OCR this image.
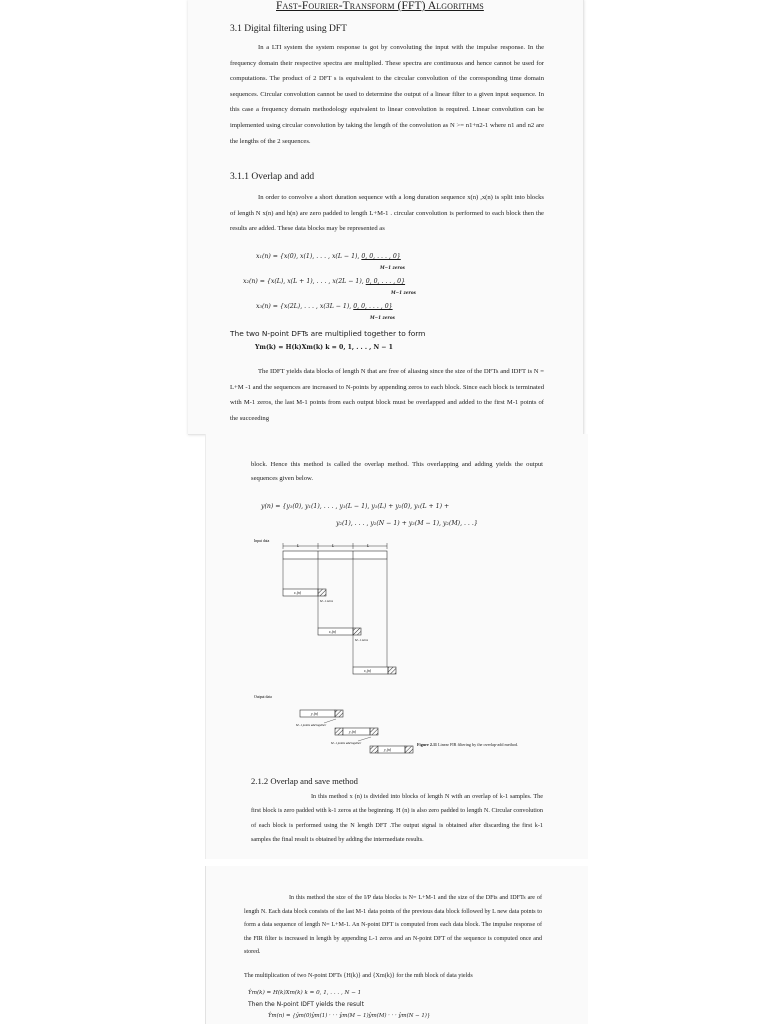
Fast-Fourier-Transform (FFT) Algorithms
3.1 Digital filtering using DFT

In a LTI system the system response is got by convoluting the input with the impulse response. In the frequency domain their respective spectra are multiplied. These spectra are continuous and hence cannot be used for computations. The product of 2 DFT s is equivalent to the circular convolution of the corresponding time domain sequences. Circular convolution cannot be used to determine the output of a linear filter to a given input sequence. In this case a frequency domain methodology equivalent to linear convolution is required. Linear convolution can be implemented using circular convolution by taking the length of the convolution as N >= n1+n2-1 where n1 and n2 are the lengths of the 2 sequences.

3.1.1 Overlap and add

In order to convolve a short duration sequence with a long duration sequence x(n) ,x(n) is split into blocks of length N x(n) and h(n) are zero padded to length L+M-1 . circular convolution is performed to each block then the results are added. These data blocks may be represented as

x₁(n) = {x(0), x(1), . . . , x(L − 1), 0, 0, . . . , 0}
M−1 zeros
x₂(n) = {x(L), x(L + 1), . . . , x(2L − 1), 0, 0, . . . , 0}
M−1 zeros
x₃(n) = {x(2L), . . . , x(3L − 1), 0, 0, . . . , 0}
M−1 zeros
The two N-point DFTs are multiplied together to form
Ym(k) = H(k)Xm(k) k = 0, 1, . . . , N − 1

The IDFT yields data blocks of length N that are free of aliasing since the size of the DFTs and IDFT is N = L+M -1 and the sequences are increased to N-points by appending zeros to each block. Since each block is terminated with M-1 zeros, the last M-1 points from each output block must be overlapped and added to the first M-1 points of the succeeding

block. Hence this method is called the overlap method. This overlapping and adding yields the output sequences given below.

y(n) = {y₁(0), y₁(1), . . . , y₁(L − 1), y₁(L) + y₂(0), y₁(L + 1) +
y₂(1), . . . , y₂(N − 1) + y₃(M − 1), y₂(M), . . .}
Input data
L	L	L
x₁(n)
M−1 zeros
x₂(n)
M−1 zeros
x₃(n)
Output data
y₁(n)
y₂(n)
M−1 points add together
y₃(n)
M−1 points add together	Figure 2.11 Linear FIR filtering by the overlap-add method.
2.1.2 Overlap and save method

In this method x (n) is divided into blocks of length N with an overlap of k-1 samples. The first block is zero padded with k-1 zeros at the beginning. H (n) is also zero padded to length N. Circular convolution of each block is performed using the N length DFT .The output signal is obtained after discarding the first k-1 samples the final result is obtained by adding the intermediate results.

In this method the size of the I/P data blocks is N= L+M-1 and the size of the DFts and IDFTs are of length N. Each data block consists of the last M-1 data points of the previous data block followed by L new data points to form a data sequence of length N= L+M-1. An N-point DFT is computed from each data block. The impulse response of the FIR filter is increased in length by appending L-1 zeros and an N-point DFT of the sequence is computed once and stored.

The multiplication of two N-point DFTs {H(k)} and {Xm(k)} for the mth block of data yields
Ŷm(k) = H(k)Xm(k) k = 0, 1, . . . , N − 1
Then the N-point IDFT yields the result
Ŷm(n) = {ŷm(0)ŷm(1) · · · ŷm(M − 1)ŷm(M) · · · ŷm(N − 1)}
